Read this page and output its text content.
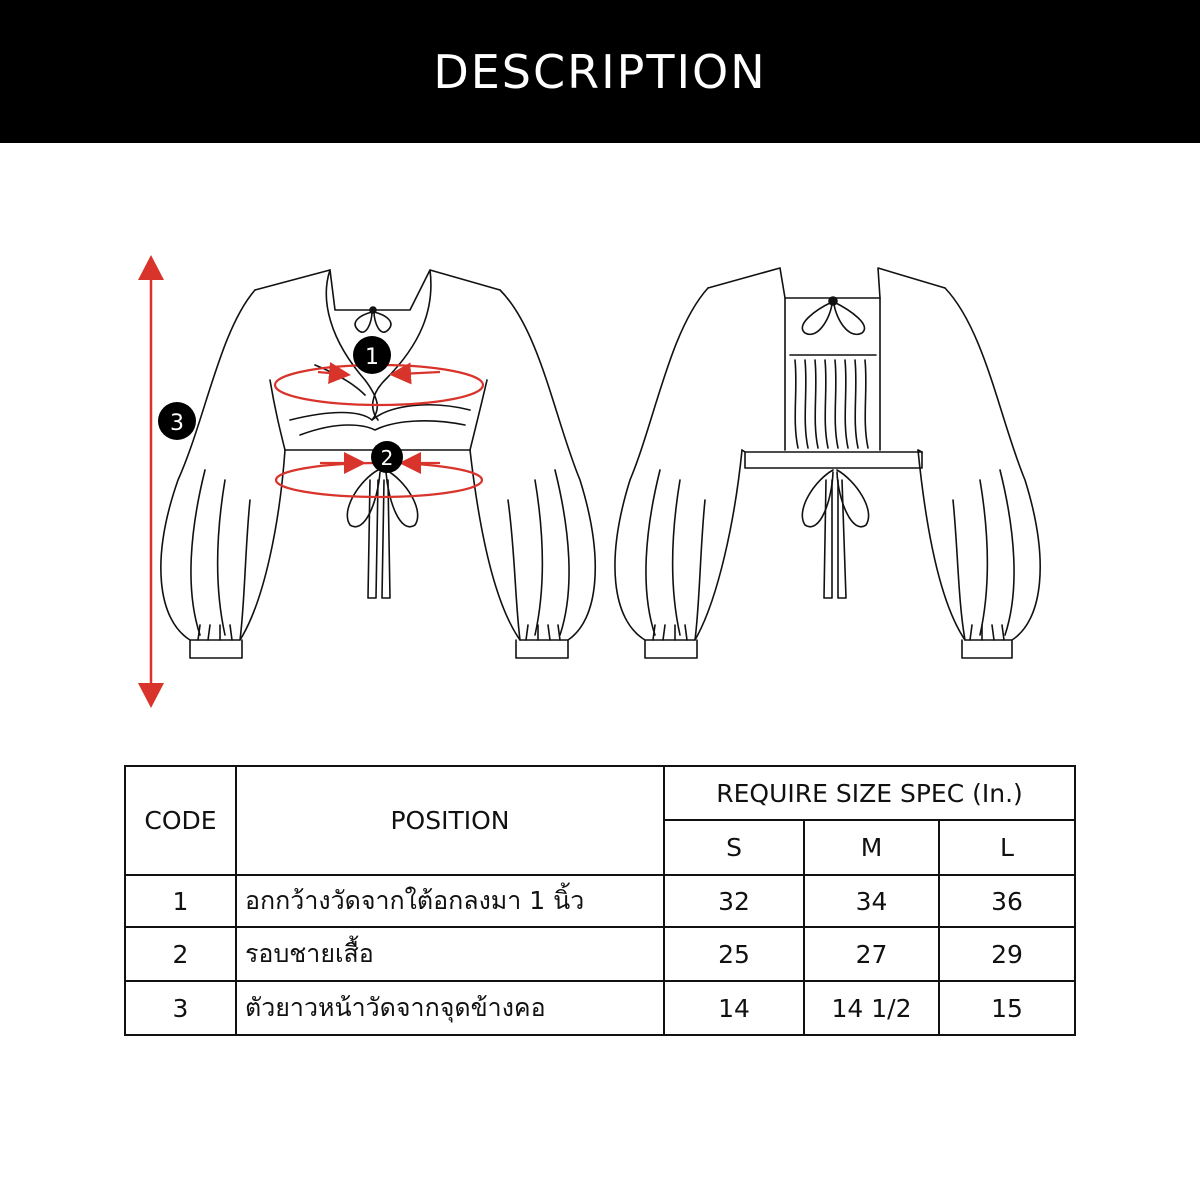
DESCRIPTION
1
2
3
CODE	POSITION	REQUIRE SIZE SPEC (In.)		
		S	M	L
1	อกกว้างวัดจากใต้อกลงมา 1 นิ้ว	32	34	36
2	รอบชายเสื้อ	25	27	29
3	ตัวยาวหน้าวัดจากจุดข้างคอ	14	14 1/2	15
